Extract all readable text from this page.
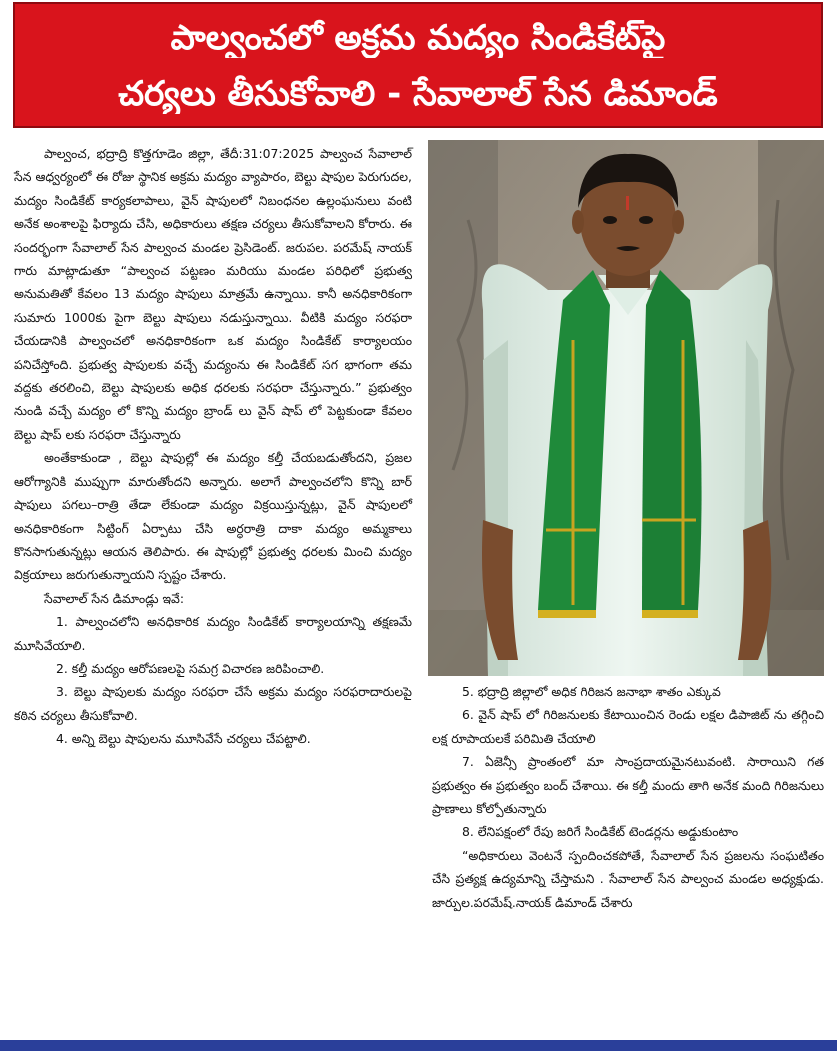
పాల్వంచలో అక్రమ మద్యం సిండికేట్‌పై
చర్యలు తీసుకోవాలి - సేవాలాల్ సేన డిమాండ్

పాల్వంచ, భద్రాద్రి కొత్తగూడెం జిల్లా, తేదీ:31:07:2025 పాల్వంచ సేవాలాల్ సేన ఆధ్వర్యంలో ఈ రోజు స్థానిక అక్రమ మద్యం వ్యాపారం, బెల్టు షాపుల పెరుగుదల, మద్యం సిండికేట్ కార్యకలాపాలు, వైన్ షాపులలో నిబంధనల ఉల్లంఘనులు వంటి అనేక అంశాలపై ఫిర్యాదు చేసి, అధికారులు తక్షణ చర్యలు తీసుకోవాలని కోరారు. ఈ సందర్భంగా సేవాలాల్ సేన పాల్వంచ మండల ప్రెసిడెంట్. జరుపల. పరమేష్ నాయక్ గారు మాట్లాడుతూ “పాల్వంచ పట్టణం మరియు మండల పరిధిలో ప్రభుత్వ అనుమతితో కేవలం 13 మద్యం షాపులు మాత్రమే ఉన్నాయి. కానీ అనధికారికంగా సుమారు 1000కు పైగా బెల్టు షాపులు నడుస్తున్నాయి. వీటికి మద్యం సరఫరా చేయడానికి పాల్వంచలో అనధికారికంగా ఒక మద్యం సిండికేట్ కార్యాలయం పనిచేస్తోంది. ప్రభుత్వ షాపులకు వచ్చే మద్యంను ఈ సిండికేట్ సగ భాగంగా తమ వద్దకు తరలించి, బెల్టు షాపులకు అధిక ధరలకు సరఫరా చేస్తున్నారు.” ప్రభుత్వం నుండి వచ్చే మద్యం లో కొన్ని మద్యం బ్రాండ్ లు వైన్ షాప్ లో పెట్టకుండా కేవలం బెల్టు షాప్ లకు సరఫరా చేస్తున్నారు

అంతేకాకుండా , బెల్టు షాపుల్లో ఈ మద్యం కల్తీ చేయబడుతోందని, ప్రజల ఆరోగ్యానికి ముప్పుగా మారుతోందని అన్నారు. అలాగే పాల్వంచలోని కొన్ని బార్ షాపులు పగలు–రాత్రి తేడా లేకుండా మద్యం విక్రయిస్తున్నట్లు, వైన్ షాపులలో అనధికారికంగా సిట్టింగ్ ఏర్పాటు చేసి అర్ధరాత్రి దాకా మద్యం అమ్మకాలు కొనసాగుతున్నట్లు ఆయన తెలిపారు. ఈ షాపుల్లో ప్రభుత్వ ధరలకు మించి మద్యం విక్రయాలు జరుగుతున్నాయని స్పష్టం చేశారు.

సేవాలాల్ సేన డిమాండ్లు ఇవే:

1. పాల్వంచలోని అనధికారిక మద్యం సిండికేట్ కార్యాలయాన్ని తక్షణమే మూసివేయాలి.

2. కల్తీ మద్యం ఆరోపణలపై సమగ్ర విచారణ జరిపించాలి.

3. బెల్టు షాపులకు మద్యం సరఫరా చేసే అక్రమ మద్యం సరఫరాదారులపై కఠిన చర్యలు తీసుకోవాలి.

4. అన్ని బెల్టు షాపులను మూసివేసే చర్యలు చేపట్టాలి.

5. భద్రాద్రి జిల్లాలో అధిక గిరిజన జనాభా శాతం ఎక్కువ

6. వైన్ షాప్ లో గిరిజనులకు కేటాయించిన రెండు లక్షల డిపాజిట్ ను తగ్గించి లక్ష రూపాయలకే పరిమితి చేయాలి

7. ఏజెన్సీ ప్రాంతంలో మా సాంప్రదాయమైనటువంటి. సారాయిని గత ప్రభుత్వం ఈ ప్రభుత్వం బంద్ చేశాయి. ఈ కల్తీ మందు తాగి అనేక మంది గిరిజనులు ప్రాణాలు కోల్పోతున్నారు

8. లేనిపక్షంలో రేపు జరిగే సిండికేట్ టెండర్లను అడ్డుకుంటాం

“అధికారులు వెంటనే స్పందించకపోతే, సేవాలాల్ సేన ప్రజలను సంఘటితం చేసి ప్రత్యక్ష ఉద్యమాన్ని చేస్తామని . సేవాలాల్ సేన పాల్వంచ మండల అధ్యక్షుడు. జార్పుల.పరమేష్.నాయక్ డిమాండ్ చేశారు
